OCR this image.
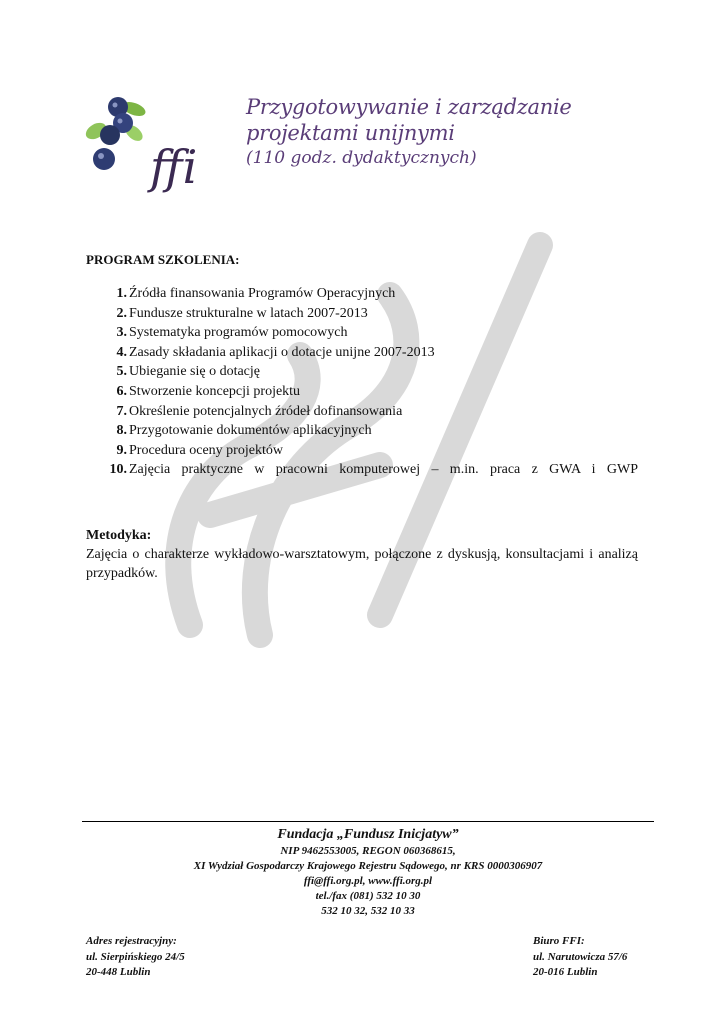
ffi
Przygotowywanie i zarządzanie
projektami unijnymi
(110 godz. dydaktycznych)
PROGRAM SZKOLENIA:
1. Źródła finansowania Programów Operacyjnych
2. Fundusze strukturalne w latach 2007-2013
3. Systematyka programów pomocowych
4. Zasady składania aplikacji o dotacje unijne 2007-2013
5. Ubieganie się o dotację
6. Stworzenie koncepcji projektu
7. Określenie potencjalnych źródeł dofinansowania
8. Przygotowanie dokumentów aplikacyjnych
9. Procedura oceny projektów
10. Zajęcia praktyczne w pracowni komputerowej – m.in. praca z GWA i GWP
Metodyka:
Zajęcia o charakterze wykładowo-warsztatowym, połączone z dyskusją, konsultacjami i analizą przypadków.
Fundacja „Fundusz Inicjatyw”
NIP 9462553005, REGON 060368615,
XI Wydział Gospodarczy Krajowego Rejestru Sądowego, nr KRS 0000306907
ffi@ffi.org.pl, www.ffi.org.pl
tel./fax (081) 532 10 30
532 10 32, 532 10 33
Adres rejestracyjny:
ul. Sierpińskiego 24/5
20-448 Lublin
Biuro FFI:
ul. Narutowicza 57/6
20-016 Lublin
